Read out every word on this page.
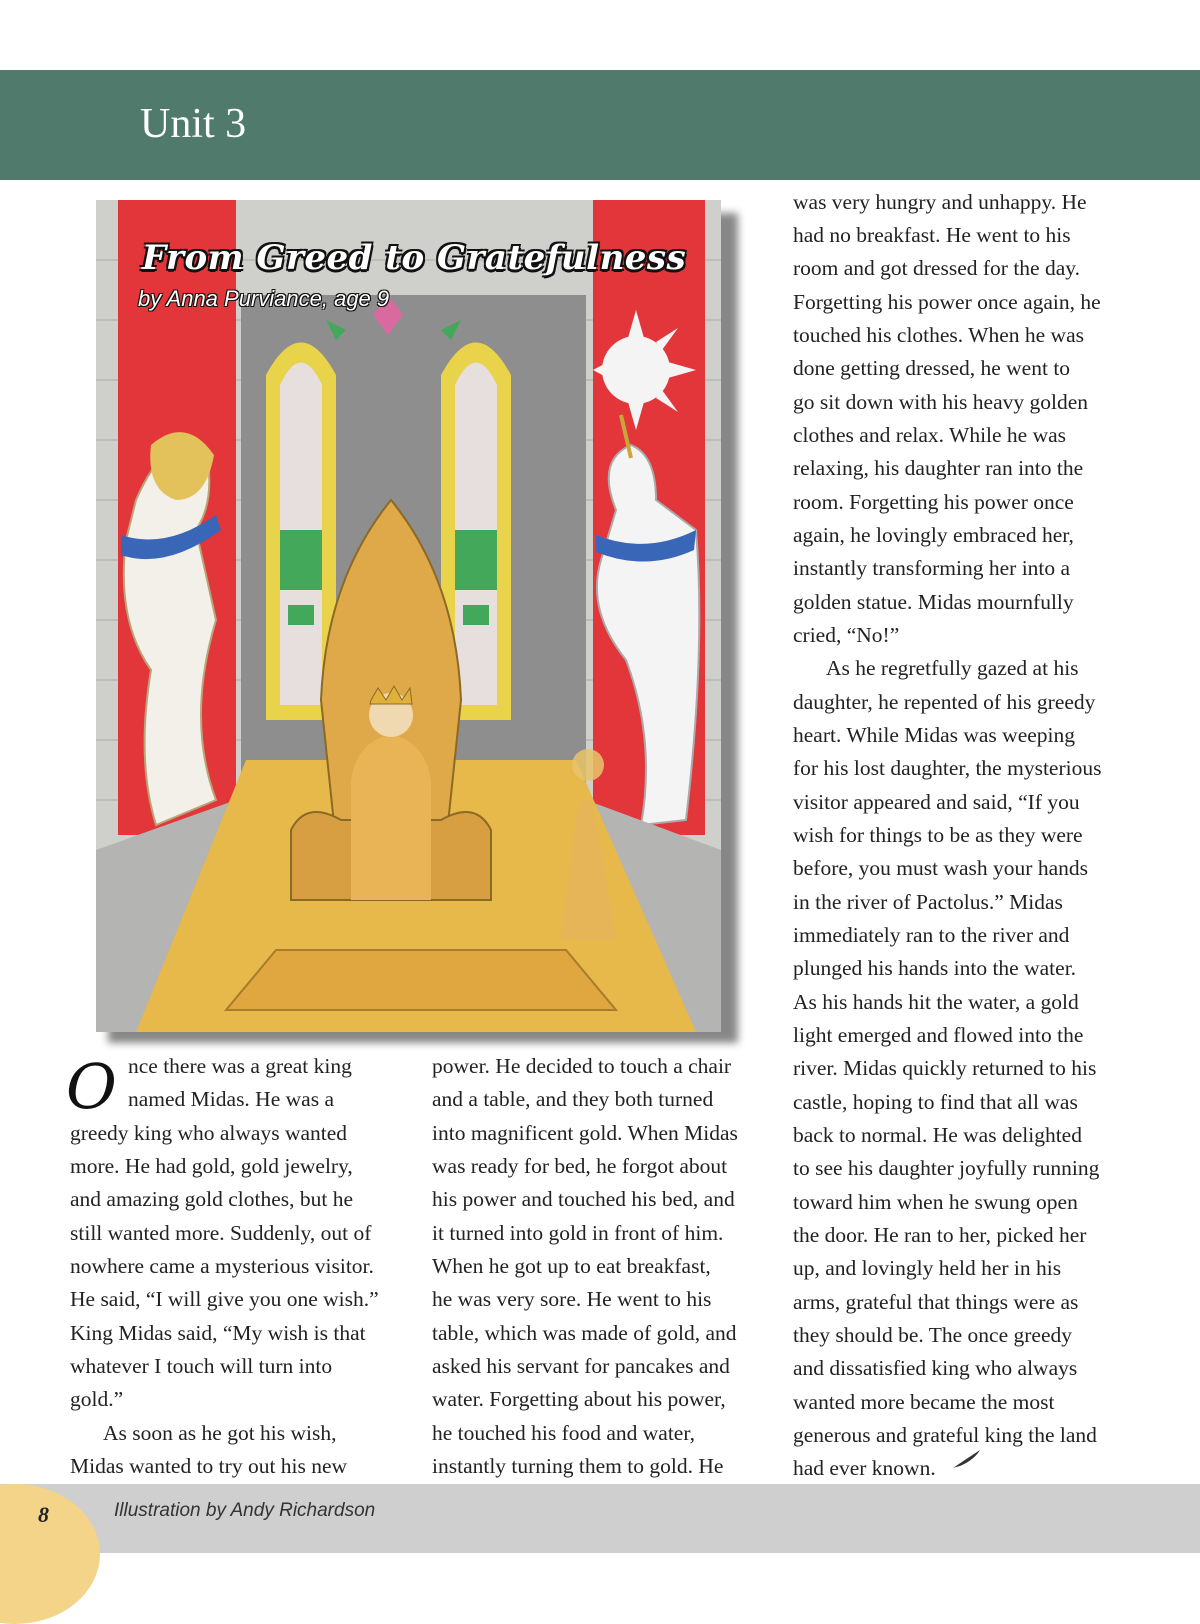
Unit 3
From Greed to Gratefulness
by Anna Purviance, age 9
O nce there was a great king
named Midas. He was a
greedy king who always wanted
more. He had gold, gold jewelry,
and amazing gold clothes, but he
still wanted more. Suddenly, out of
nowhere came a mysterious visitor.
He said, “I will give you one wish.”
King Midas said, “My wish is that
whatever I touch will turn into
gold.”
As soon as he got his wish,
Midas wanted to try out his new
power. He decided to touch a chair
and a table, and they both turned
into magnificent gold. When Midas
was ready for bed, he forgot about
his power and touched his bed, and
it turned into gold in front of him.
When he got up to eat breakfast,
he was very sore. He went to his
table, which was made of gold, and
asked his servant for pancakes and
water. Forgetting about his power,
he touched his food and water,
instantly turning them to gold. He
was very hungry and unhappy. He
had no breakfast. He went to his
room and got dressed for the day.
Forgetting his power once again, he
touched his clothes. When he was
done getting dressed, he went to
go sit down with his heavy golden
clothes and relax. While he was
relaxing, his daughter ran into the
room. Forgetting his power once
again, he lovingly embraced her,
instantly transforming her into a
golden statue. Midas mournfully
cried, “No!”
As he regretfully gazed at his
daughter, he repented of his greedy
heart. While Midas was weeping
for his lost daughter, the mysterious
visitor appeared and said, “If you
wish for things to be as they were
before, you must wash your hands
in the river of Pactolus.” Midas
immediately ran to the river and
plunged his hands into the water.
As his hands hit the water, a gold
light emerged and flowed into the
river. Midas quickly returned to his
castle, hoping to find that all was
back to normal. He was delighted
to see his daughter joyfully running
toward him when he swung open
the door. He ran to her, picked her
up, and lovingly held her in his
arms, grateful that things were as
they should be. The once greedy
and dissatisfied king who always
wanted more became the most
generous and grateful king the land
had ever known.
8	Illustration by Andy Richardson
